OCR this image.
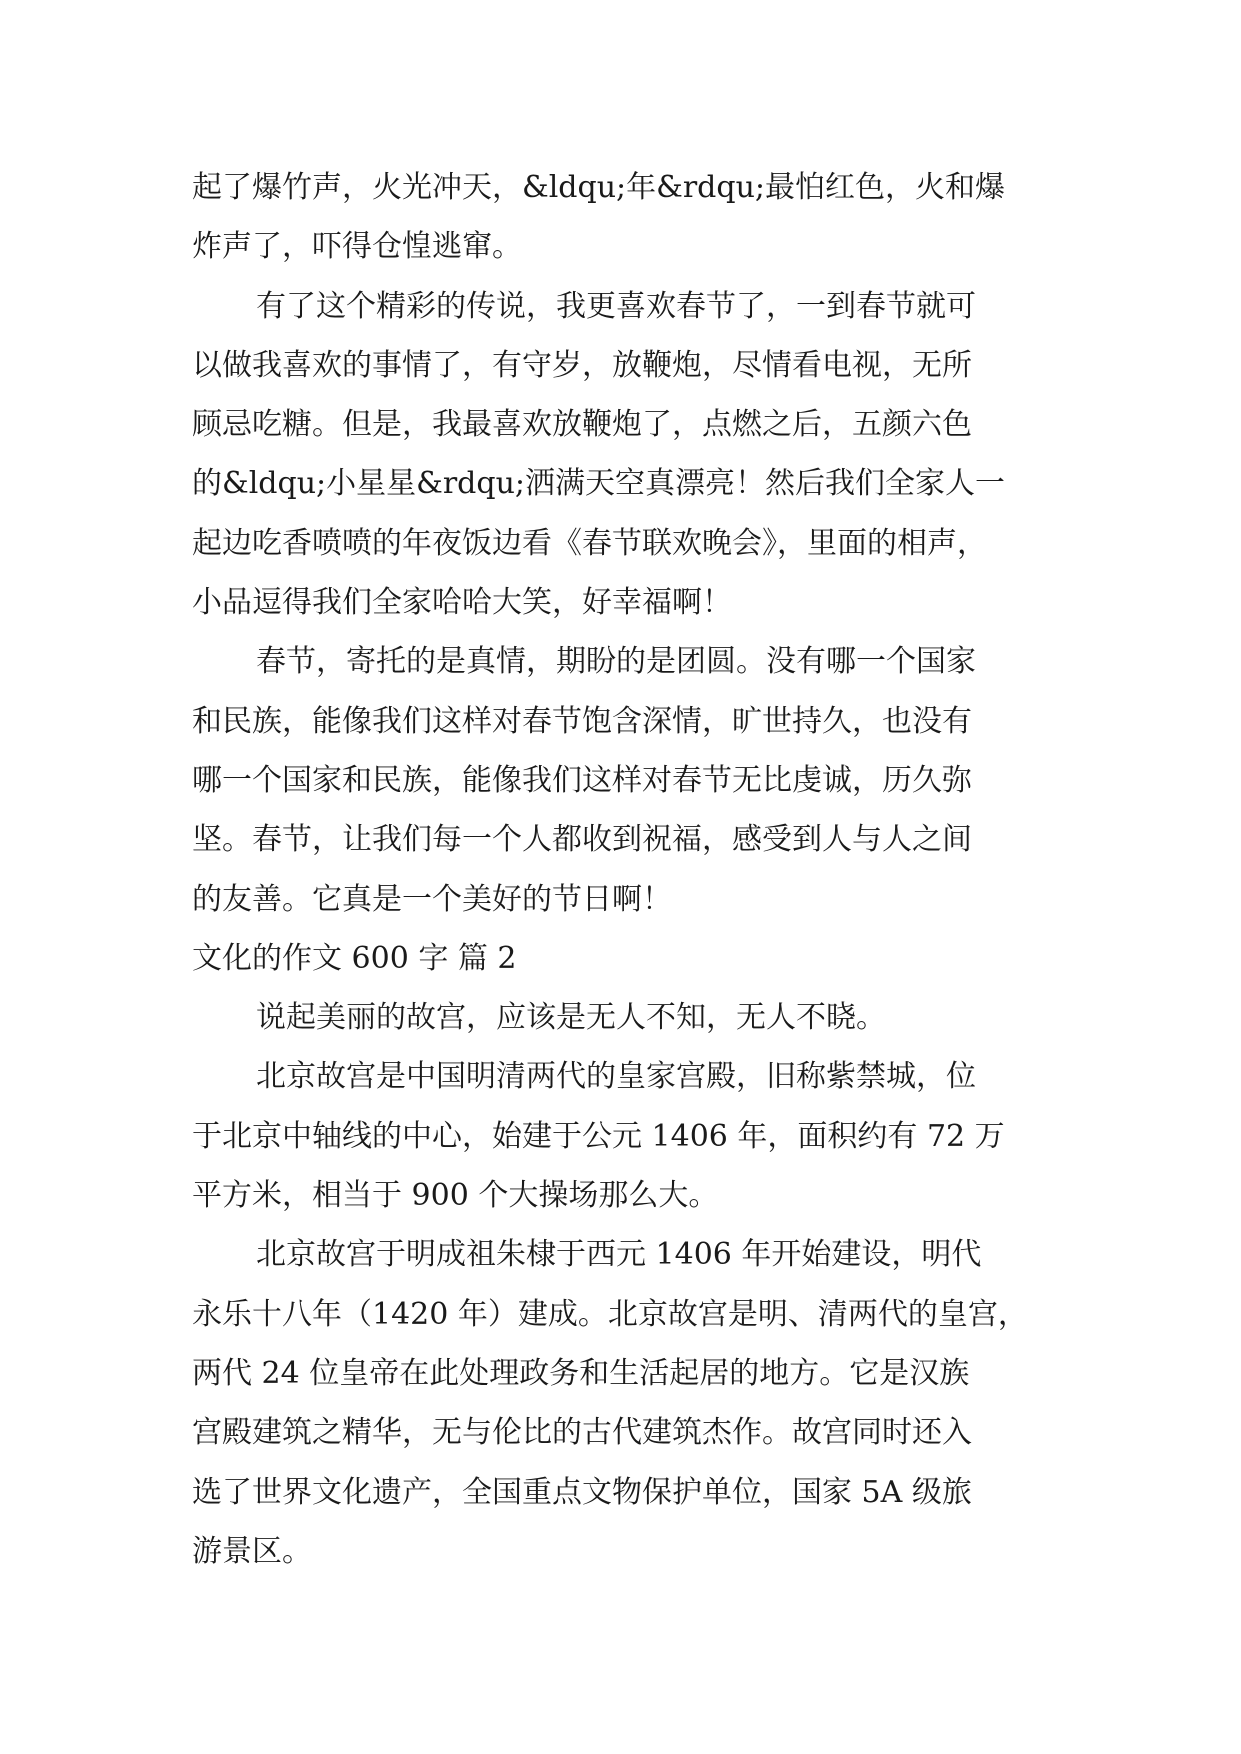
起了爆竹声，火光冲天，&ldqu;年&rdqu;最怕红色，火和爆
炸声了，吓得仓惶逃窜。
有了这个精彩的传说，我更喜欢春节了，一到春节就可
以做我喜欢的事情了，有守岁，放鞭炮，尽情看电视，无所
顾忌吃糖。但是，我最喜欢放鞭炮了，点燃之后，五颜六色
的&ldqu;小星星&rdqu;洒满天空真漂亮！然后我们全家人一
起边吃香喷喷的年夜饭边看《春节联欢晚会》，里面的相声，
小品逗得我们全家哈哈大笑，好幸福啊！
春节，寄托的是真情，期盼的是团圆。没有哪一个国家
和民族，能像我们这样对春节饱含深情，旷世持久，也没有
哪一个国家和民族，能像我们这样对春节无比虔诚，历久弥
坚。春节，让我们每一个人都收到祝福，感受到人与人之间
的友善。它真是一个美好的节日啊！
文化的作文 600 字 篇 2
说起美丽的故宫，应该是无人不知，无人不晓。
北京故宫是中国明清两代的皇家宫殿，旧称紫禁城，位
于北京中轴线的中心，始建于公元 1406 年，面积约有 72 万
平方米，相当于 900 个大操场那么大。
北京故宫于明成祖朱棣于西元 1406 年开始建设，明代
永乐十八年（1420 年）建成。北京故宫是明、清两代的皇宫，
两代 24 位皇帝在此处理政务和生活起居的地方。它是汉族
宫殿建筑之精华，无与伦比的古代建筑杰作。故宫同时还入
选了世界文化遗产，全国重点文物保护单位，国家 5A 级旅
游景区。
